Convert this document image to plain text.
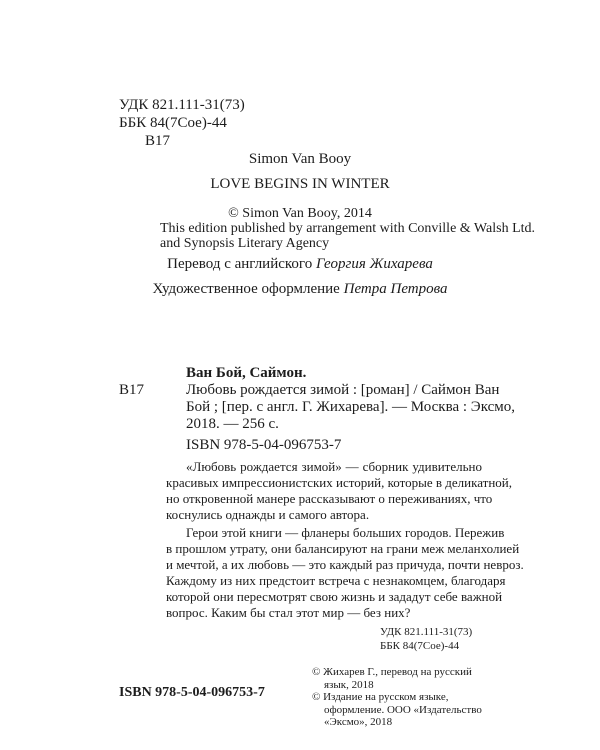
УДК 821.111-31(73)
ББК 84(7Сое)-44
В17
Simon Van Booy
LOVE BEGINS IN WINTER
© Simon Van Booy, 2014
This edition published by arrangement with Conville & Walsh Ltd.
and Synopsis Literary Agency
Перевод с английского Георгия Жихарева
Художественное оформление Петра Петрова
Ван Бой, Саймон.
В17	Любовь рождается зимой : [роман] / Саймон Ван
Бой ; [пер. с англ. Г. Жихарева]. — Москва : Эксмо,
2018. — 256 с.
ISBN 978-5-04-096753-7
«Любовь рождается зимой» — сборник удивительно
красивых импрессионистских историй, которые в деликатной,
но откровенной манере рассказывают о переживаниях, что
коснулись однажды и самого автора.
Герои этой книги — фланеры больших городов. Пережив
в прошлом утрату, они балансируют на грани меж меланхолией
и мечтой, а их любовь — это каждый раз причуда, почти невроз.
Каждому из них предстоит встреча с незнакомцем, благодаря
которой они пересмотрят свою жизнь и зададут себе важной
вопрос. Каким бы стал этот мир — без них?
УДК 821.111-31(73)
ББК 84(7Сое)-44
© Жихарев Г., перевод на русский
язык, 2018
© Издание на русском языке,
оформление. ООО «Издательство
«Эксмо», 2018
ISBN 978-5-04-096753-7
